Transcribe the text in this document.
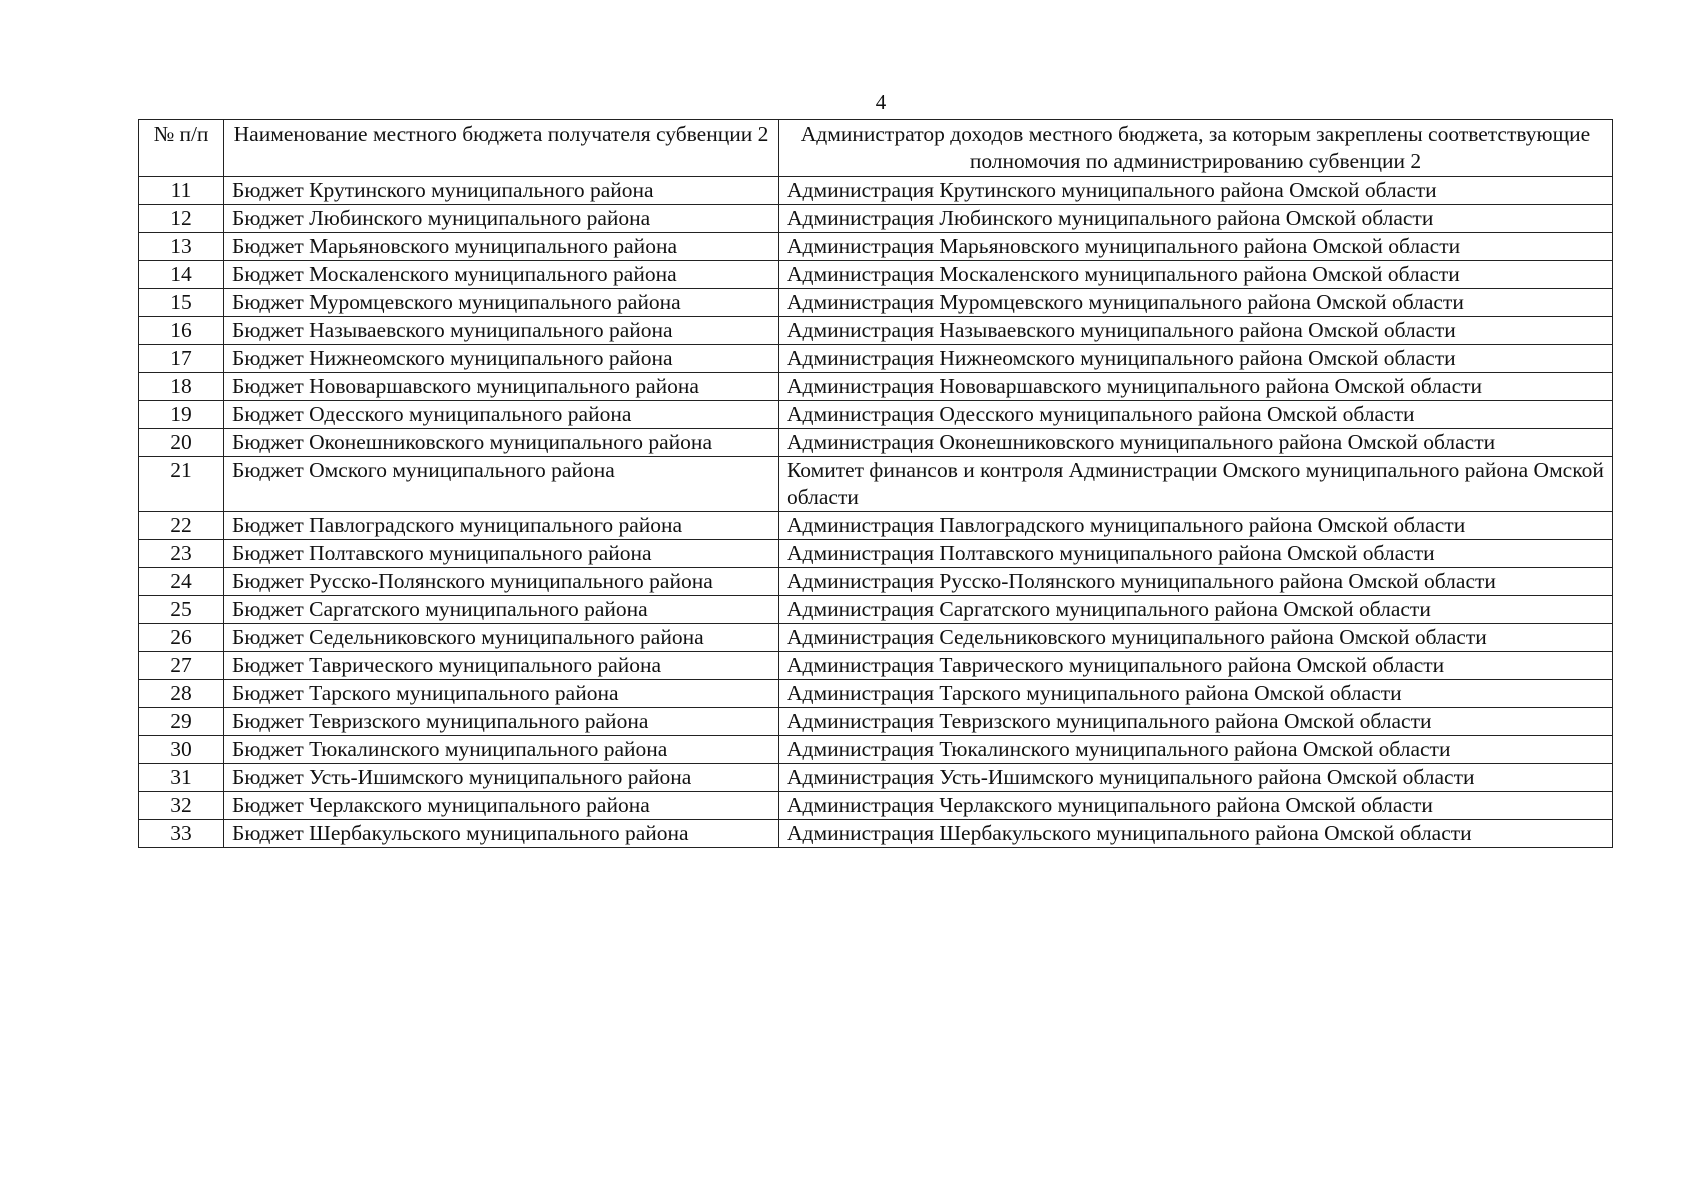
4
№ п/п	Наименование местного бюджета получателя субвенции 2	Администратор доходов местного бюджета, за которым закреплены соответствующие полномочия по администрированию субвенции 2
11	Бюджет Крутинского муниципального района	Администрация Крутинского муниципального района Омской области
12	Бюджет Любинского муниципального района	Администрация Любинского муниципального района Омской области
13	Бюджет Марьяновского муниципального района	Администрация Марьяновского муниципального района Омской области
14	Бюджет Москаленского муниципального района	Администрация Москаленского муниципального района Омской области
15	Бюджет Муромцевского муниципального района	Администрация Муромцевского муниципального района Омской области
16	Бюджет Называевского муниципального района	Администрация Называевского муниципального района Омской области
17	Бюджет Нижнеомского муниципального района	Администрация Нижнеомского муниципального района Омской области
18	Бюджет Нововаршавского муниципального района	Администрация Нововаршавского муниципального района Омской области
19	Бюджет Одесского муниципального района	Администрация Одесского муниципального района Омской области
20	Бюджет Оконешниковского муниципального района	Администрация Оконешниковского муниципального района Омской области
21	Бюджет Омского муниципального района	Комитет финансов и контроля Администрации Омского муниципального района Омской области
22	Бюджет Павлоградского муниципального района	Администрация Павлоградского муниципального района Омской области
23	Бюджет Полтавского муниципального района	Администрация Полтавского муниципального района Омской области
24	Бюджет Русско-Полянского муниципального района	Администрация Русско-Полянского муниципального района Омской области
25	Бюджет Саргатского муниципального района	Администрация Саргатского муниципального района Омской области
26	Бюджет Седельниковского муниципального района	Администрация Седельниковского муниципального района Омской области
27	Бюджет Таврического муниципального района	Администрация Таврического муниципального района Омской области
28	Бюджет Тарского муниципального района	Администрация Тарского муниципального района Омской области
29	Бюджет Тевризского муниципального района	Администрация Тевризского муниципального района Омской области
30	Бюджет Тюкалинского муниципального района	Администрация Тюкалинского муниципального района Омской области
31	Бюджет Усть-Ишимского муниципального района	Администрация Усть-Ишимского муниципального района Омской области
32	Бюджет Черлакского муниципального района	Администрация Черлакского муниципального района Омской области
33	Бюджет Шербакульского муниципального района	Администрация Шербакульского муниципального района Омской области
